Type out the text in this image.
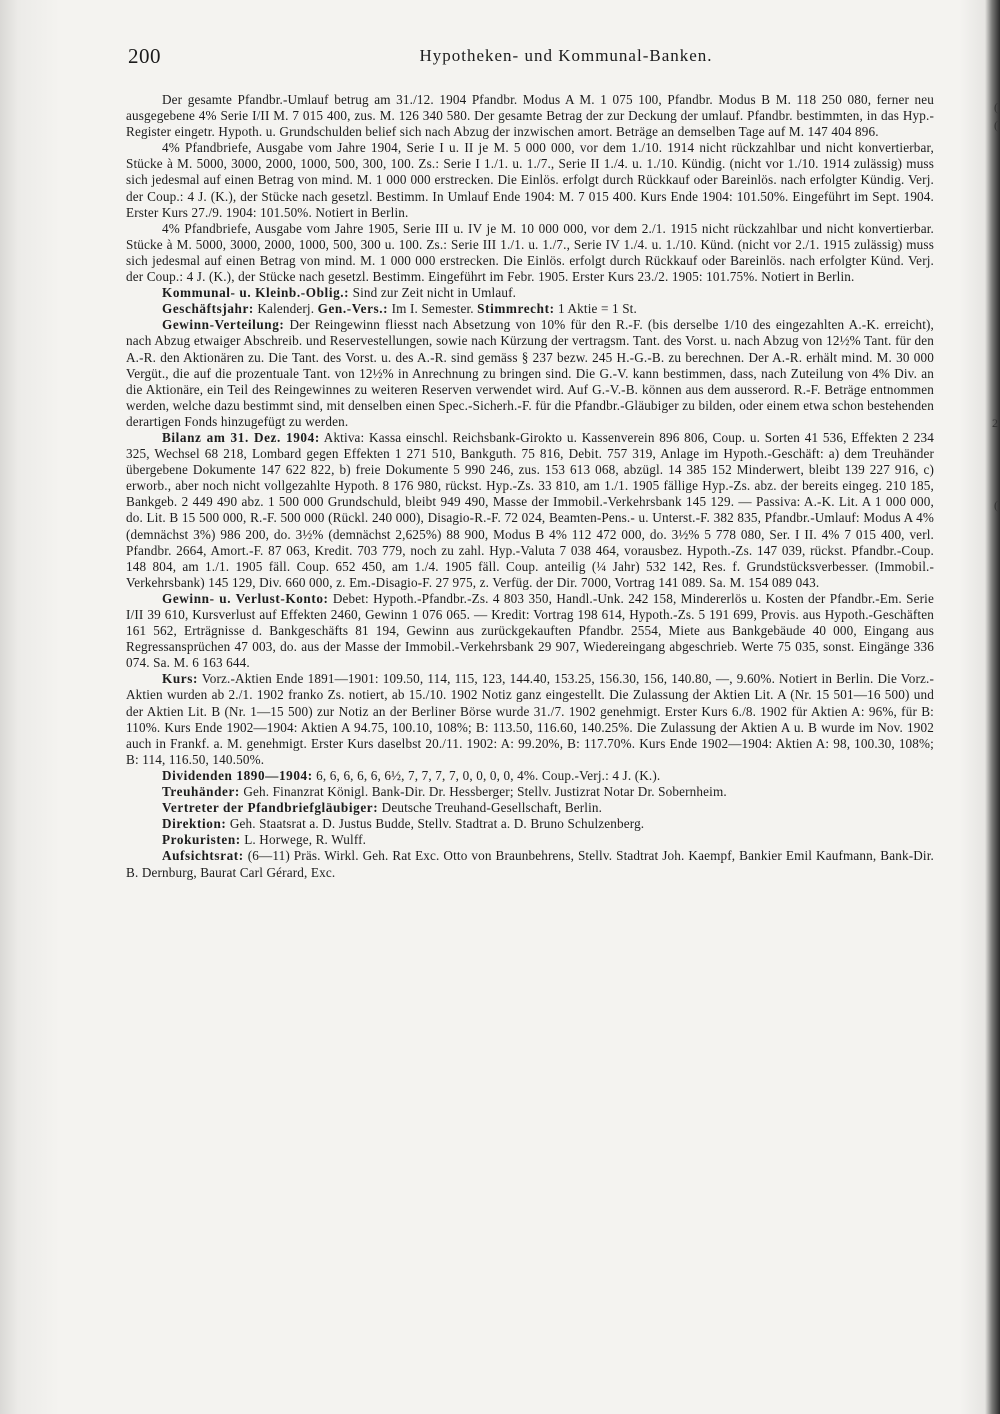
200	Hypotheken- und Kommunal-Banken.

Der gesamte Pfandbr.-Umlauf betrug am 31./12. 1904 Pfandbr. Modus A M. 1 075 100, Pfandbr. Modus B M. 118 250 080, ferner neu ausgegebene 4% Serie I/II M. 7 015 400, zus. M. 126 340 580. Der gesamte Betrag der zur Deckung der umlauf. Pfandbr. bestimmten, in das Hyp.-Register eingetr. Hypoth. u. Grundschulden belief sich nach Abzug der inzwischen amort. Beträge an demselben Tage auf M. 147 404 896.

4% Pfandbriefe, Ausgabe vom Jahre 1904, Serie I u. II je M. 5 000 000, vor dem 1./10. 1914 nicht rückzahlbar und nicht konvertierbar, Stücke à M. 5000, 3000, 2000, 1000, 500, 300, 100. Zs.: Serie I 1./1. u. 1./7., Serie II 1./4. u. 1./10. Kündig. (nicht vor 1./10. 1914 zulässig) muss sich jedesmal auf einen Betrag von mind. M. 1 000 000 erstrecken. Die Einlös. erfolgt durch Rückkauf oder Bareinlös. nach erfolgter Kündig. Verj. der Coup.: 4 J. (K.), der Stücke nach gesetzl. Bestimm. In Umlauf Ende 1904: M. 7 015 400. Kurs Ende 1904: 101.50%. Eingeführt im Sept. 1904. Erster Kurs 27./9. 1904: 101.50%. Notiert in Berlin.

4% Pfandbriefe, Ausgabe vom Jahre 1905, Serie III u. IV je M. 10 000 000, vor dem 2./1. 1915 nicht rückzahlbar und nicht konvertierbar. Stücke à M. 5000, 3000, 2000, 1000, 500, 300 u. 100. Zs.: Serie III 1./1. u. 1./7., Serie IV 1./4. u. 1./10. Künd. (nicht vor 2./1. 1915 zulässig) muss sich jedesmal auf einen Betrag von mind. M. 1 000 000 erstrecken. Die Einlös. erfolgt durch Rückkauf oder Bareinlös. nach erfolgter Künd. Verj. der Coup.: 4 J. (K.), der Stücke nach gesetzl. Bestimm. Eingeführt im Febr. 1905. Erster Kurs 23./2. 1905: 101.75%. Notiert in Berlin.

Kommunal- u. Kleinb.-Oblig.: Sind zur Zeit nicht in Umlauf.

Geschäftsjahr: Kalenderj. Gen.-Vers.: Im I. Semester. Stimmrecht: 1 Aktie = 1 St.

Gewinn-Verteilung: Der Reingewinn fliesst nach Absetzung von 10% für den R.-F. (bis derselbe 1/10 des eingezahlten A.-K. erreicht), nach Abzug etwaiger Abschreib. und Reservestellungen, sowie nach Kürzung der vertragsm. Tant. des Vorst. u. nach Abzug von 12½% Tant. für den A.-R. den Aktionären zu. Die Tant. des Vorst. u. des A.-R. sind gemäss § 237 bezw. 245 H.-G.-B. zu berechnen. Der A.-R. erhält mind. M. 30 000 Vergüt., die auf die prozentuale Tant. von 12½% in Anrechnung zu bringen sind. Die G.-V. kann bestimmen, dass, nach Zuteilung von 4% Div. an die Aktionäre, ein Teil des Reingewinnes zu weiteren Reserven verwendet wird. Auf G.-V.-B. können aus dem ausserord. R.-F. Beträge entnommen werden, welche dazu bestimmt sind, mit denselben einen Spec.-Sicherh.-F. für die Pfandbr.-Gläubiger zu bilden, oder einem etwa schon bestehenden derartigen Fonds hinzugefügt zu werden.

Bilanz am 31. Dez. 1904: Aktiva: Kassa einschl. Reichsbank-Girokto u. Kassenverein 896 806, Coup. u. Sorten 41 536, Effekten 2 234 325, Wechsel 68 218, Lombard gegen Effekten 1 271 510, Bankguth. 75 816, Debit. 757 319, Anlage im Hypoth.-Geschäft: a) dem Treuhänder übergebene Dokumente 147 622 822, b) freie Dokumente 5 990 246, zus. 153 613 068, abzügl. 14 385 152 Minderwert, bleibt 139 227 916, c) erworb., aber noch nicht vollgezahlte Hypoth. 8 176 980, rückst. Hyp.-Zs. 33 810, am 1./1. 1905 fällige Hyp.-Zs. abz. der bereits eingeg. 210 185, Bankgeb. 2 449 490 abz. 1 500 000 Grundschuld, bleibt 949 490, Masse der Immobil.-Verkehrsbank 145 129. — Passiva: A.-K. Lit. A 1 000 000, do. Lit. B 15 500 000, R.-F. 500 000 (Rückl. 240 000), Disagio-R.-F. 72 024, Beamten-Pens.- u. Unterst.-F. 382 835, Pfandbr.-Umlauf: Modus A 4% (demnächst 3%) 986 200, do. 3½% (demnächst 2,625%) 88 900, Modus B 4% 112 472 000, do. 3½% 5 778 080, Ser. I II. 4% 7 015 400, verl. Pfandbr. 2664, Amort.-F. 87 063, Kredit. 703 779, noch zu zahl. Hyp.-Valuta 7 038 464, vorausbez. Hypoth.-Zs. 147 039, rückst. Pfandbr.-Coup. 148 804, am 1./1. 1905 fäll. Coup. 652 450, am 1./4. 1905 fäll. Coup. anteilig (¼ Jahr) 532 142, Res. f. Grundstücksverbesser. (Immobil.-Verkehrsbank) 145 129, Div. 660 000, z. Em.-Disagio-F. 27 975, z. Verfüg. der Dir. 7000, Vortrag 141 089. Sa. M. 154 089 043.

Gewinn- u. Verlust-Konto: Debet: Hypoth.-Pfandbr.-Zs. 4 803 350, Handl.-Unk. 242 158, Mindererlös u. Kosten der Pfandbr.-Em. Serie I/II 39 610, Kursverlust auf Effekten 2460, Gewinn 1 076 065. — Kredit: Vortrag 198 614, Hypoth.-Zs. 5 191 699, Provis. aus Hypoth.-Geschäften 161 562, Erträgnisse d. Bankgeschäfts 81 194, Gewinn aus zurückgekauften Pfandbr. 2554, Miete aus Bankgebäude 40 000, Eingang aus Regressansprüchen 47 003, do. aus der Masse der Immobil.-Verkehrsbank 29 907, Wiedereingang abgeschrieb. Werte 75 035, sonst. Eingänge 336 074. Sa. M. 6 163 644.

Kurs: Vorz.-Aktien Ende 1891—1901: 109.50, 114, 115, 123, 144.40, 153.25, 156.30, 156, 140.80, —, 9.60%. Notiert in Berlin. Die Vorz.-Aktien wurden ab 2./1. 1902 franko Zs. notiert, ab 15./10. 1902 Notiz ganz eingestellt. Die Zulassung der Aktien Lit. A (Nr. 15 501—16 500) und der Aktien Lit. B (Nr. 1—15 500) zur Notiz an der Berliner Börse wurde 31./7. 1902 genehmigt. Erster Kurs 6./8. 1902 für Aktien A: 96%, für B: 110%. Kurs Ende 1902—1904: Aktien A 94.75, 100.10, 108%; B: 113.50, 116.60, 140.25%. Die Zulassung der Aktien A u. B wurde im Nov. 1902 auch in Frankf. a. M. genehmigt. Erster Kurs daselbst 20./11. 1902: A: 99.20%, B: 117.70%. Kurs Ende 1902—1904: Aktien A: 98, 100.30, 108%; B: 114, 116.50, 140.50%.

Dividenden 1890—1904: 6, 6, 6, 6, 6, 6½, 7, 7, 7, 7, 0, 0, 0, 0, 4%. Coup.-Verj.: 4 J. (K.).

Treuhänder: Geh. Finanzrat Königl. Bank-Dir. Dr. Hessberger; Stellv. Justizrat Notar Dr. Sobernheim.

Vertreter der Pfandbriefgläubiger: Deutsche Treuhand-Gesellschaft, Berlin.

Direktion: Geh. Staatsrat a. D. Justus Budde, Stellv. Stadtrat a. D. Bruno Schulzenberg.

Prokuristen: L. Horwege, R. Wulff.

Aufsichtsrat: (6—11) Präs. Wirkl. Geh. Rat Exc. Otto von Braunbehrens, Stellv. Stadtrat Joh. Kaempf, Bankier Emil Kaufmann, Bank-Dir. B. Dernburg, Baurat Carl Gérard, Exc.

(
(
2
(
